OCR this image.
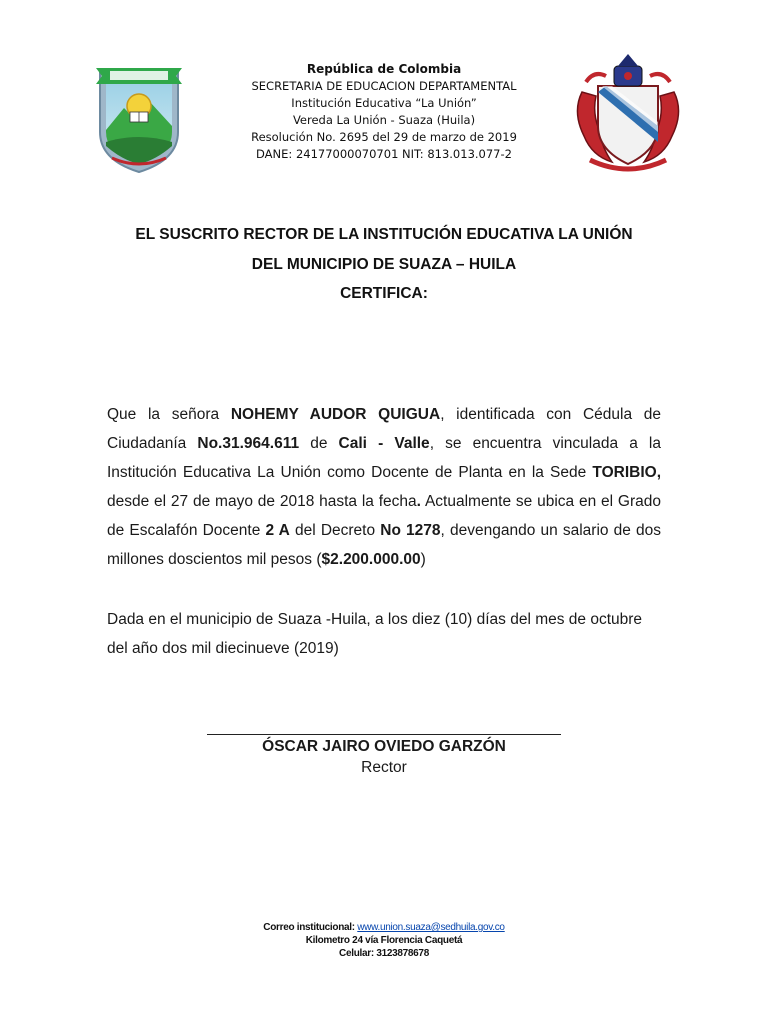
República de Colombia
SECRETARIA DE EDUCACION DEPARTAMENTAL
Institución Educativa “La Unión”
Vereda La Unión - Suaza (Huila)
Resolución No. 2695 del 29 de marzo de 2019
DANE: 24177000070701 NIT: 813.013.077-2
EL SUSCRITO RECTOR DE LA INSTITUCIÓN EDUCATIVA LA UNIÓN
DEL MUNICIPIO DE SUAZA – HUILA
CERTIFICA:

Que la señora NOHEMY AUDOR QUIGUA, identificada con Cédula de Ciudadanía No.31.964.611 de Cali - Valle, se encuentra vinculada a la Institución Educativa La Unión como Docente de Planta en la Sede TORIBIO, desde el 27 de mayo de 2018 hasta la fecha. Actualmente se ubica en el Grado de Escalafón Docente 2 A del Decreto No 1278, devengando un salario de dos millones doscientos mil pesos ($2.200.000.00)

Dada en el municipio de Suaza -Huila, a los diez (10) días del mes de octubre del año dos mil diecinueve (2019)

ÓSCAR JAIRO OVIEDO GARZÓN
Rector
Correo institucional: www.union.suaza@sedhuila.gov.co
Kilometro 24 vía Florencia Caquetá
Celular: 3123878678
